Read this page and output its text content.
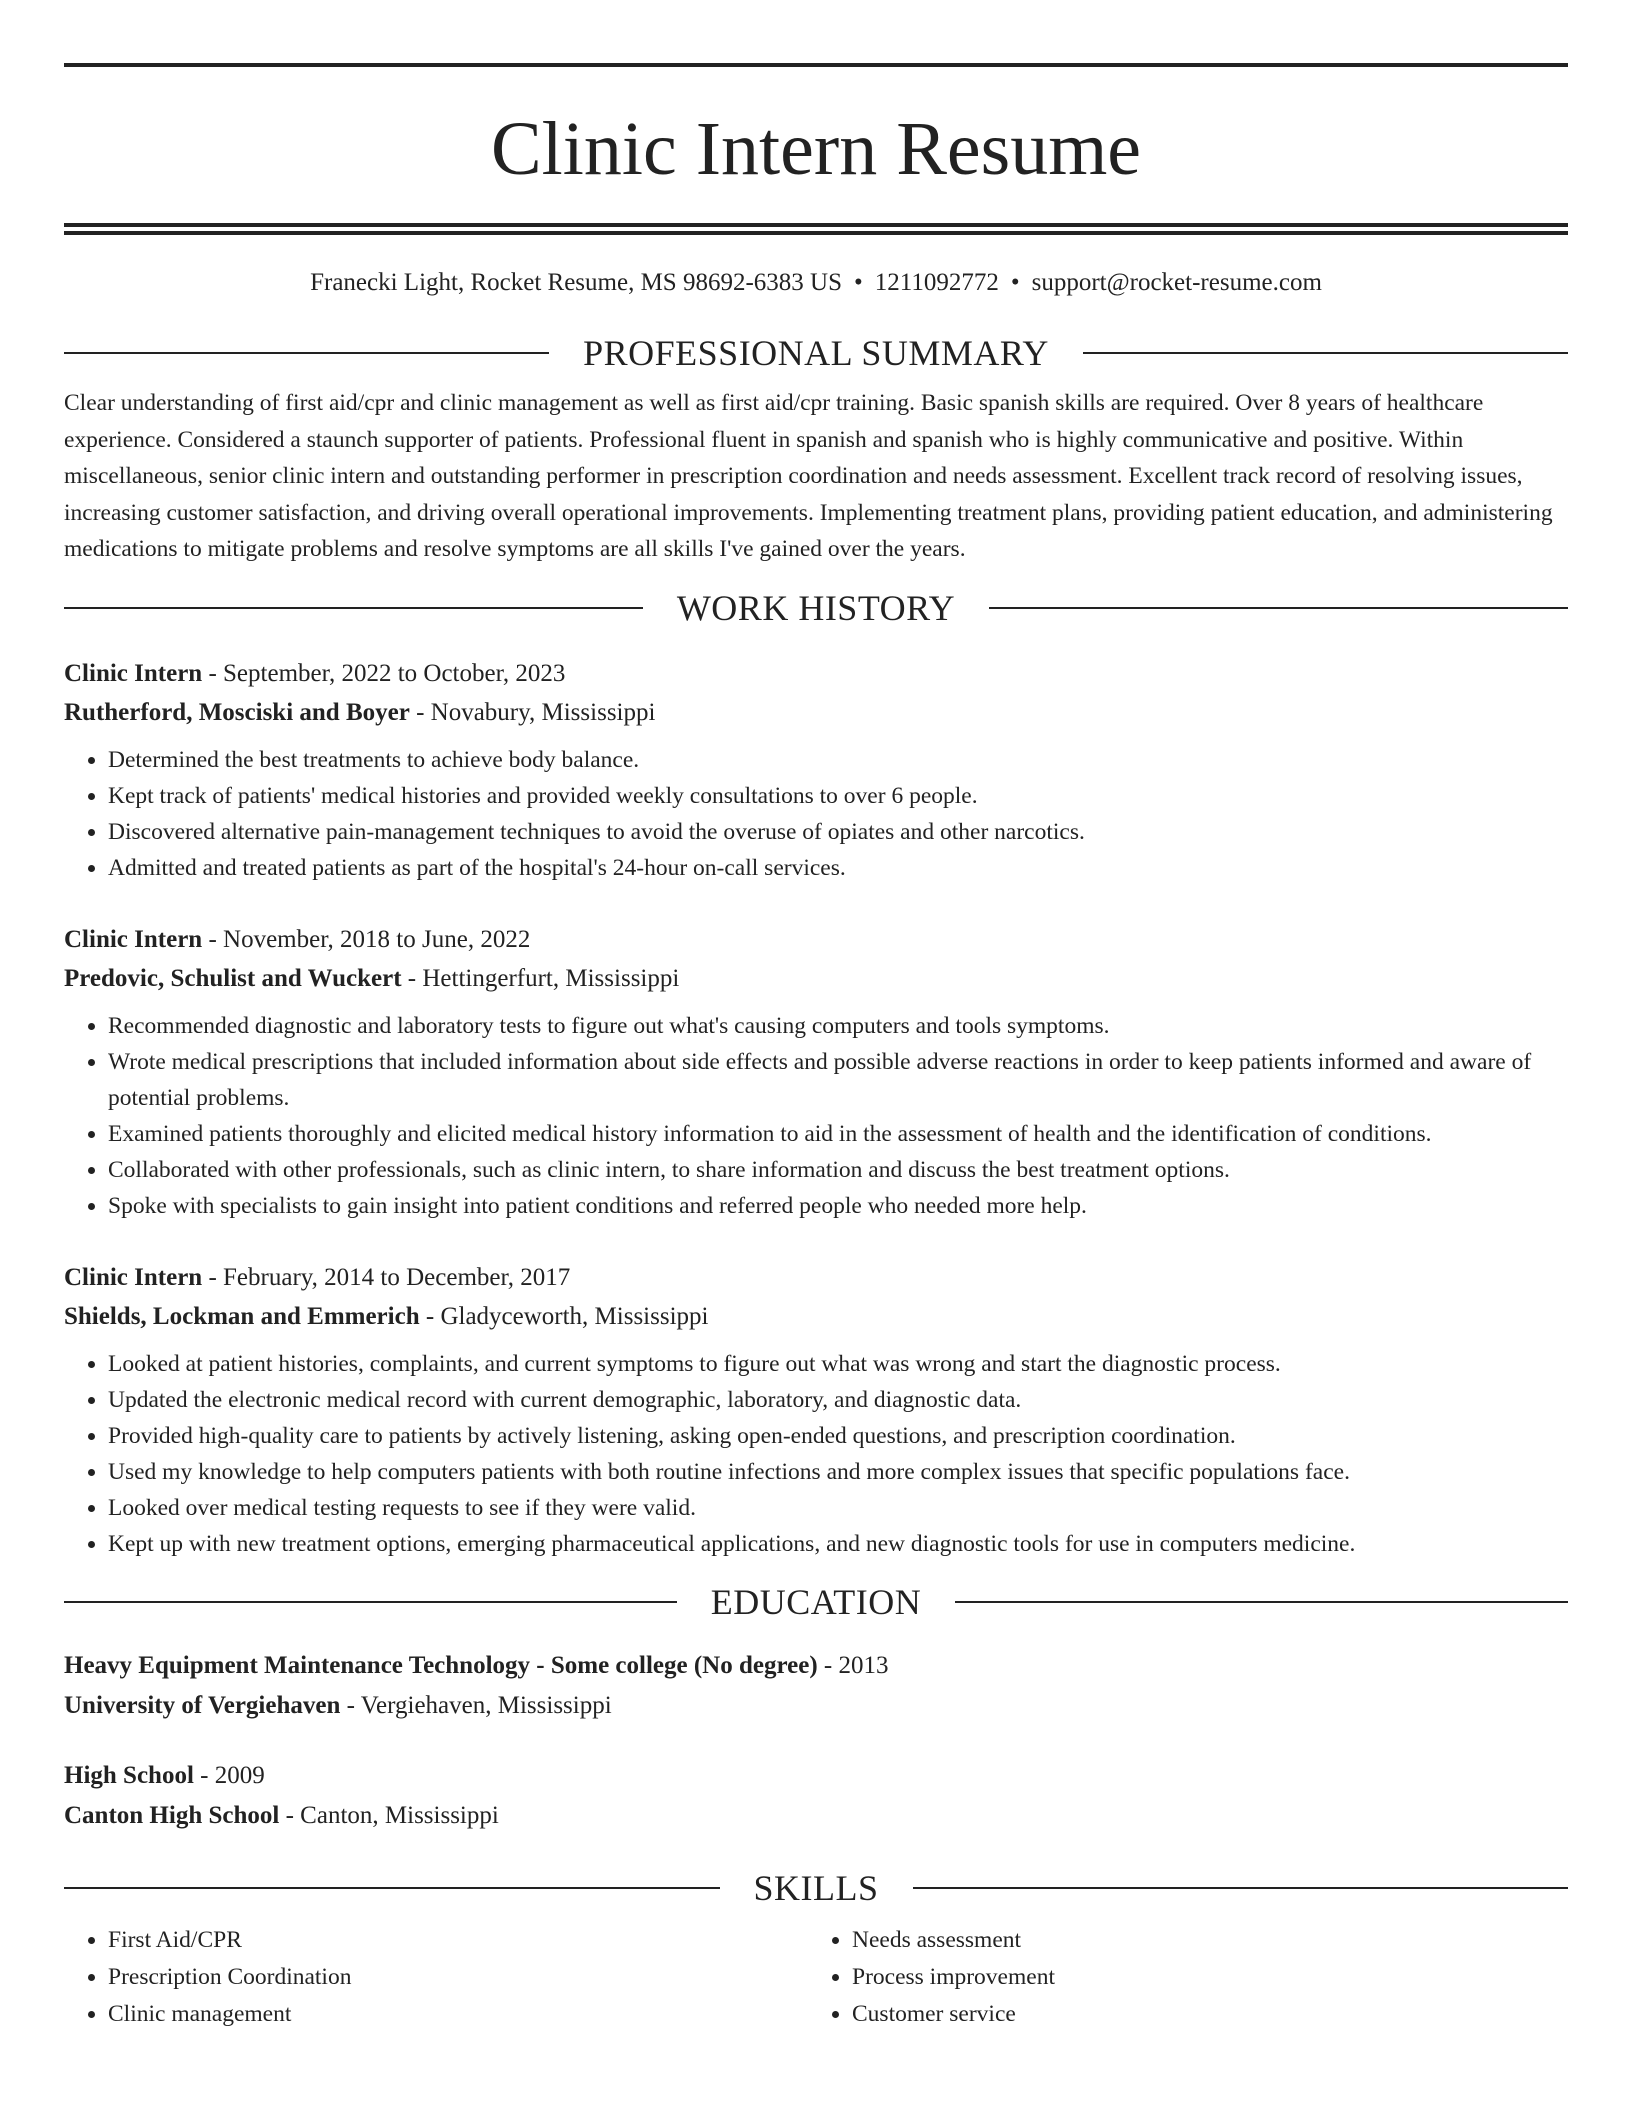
Clinic Intern Resume
Franecki Light, Rocket Resume, MS 98692-6383 US • 1211092772 • support@rocket-resume.com
PROFESSIONAL SUMMARY
Clear understanding of first aid/cpr and clinic management as well as first aid/cpr training. Basic spanish skills are required. Over 8 years of healthcare experience. Considered a staunch supporter of patients. Professional fluent in spanish and spanish who is highly communicative and positive. Within miscellaneous, senior clinic intern and outstanding performer in prescription coordination and needs assessment. Excellent track record of resolving issues, increasing customer satisfaction, and driving overall operational improvements. Implementing treatment plans, providing patient education, and administering medications to mitigate problems and resolve symptoms are all skills I've gained over the years.
WORK HISTORY
Clinic Intern - September, 2022 to October, 2023
Rutherford, Mosciski and Boyer - Novabury, Mississippi
• Determined the best treatments to achieve body balance.
• Kept track of patients' medical histories and provided weekly consultations to over 6 people.
• Discovered alternative pain-management techniques to avoid the overuse of opiates and other narcotics.
• Admitted and treated patients as part of the hospital's 24-hour on-call services.
Clinic Intern - November, 2018 to June, 2022
Predovic, Schulist and Wuckert - Hettingerfurt, Mississippi
• Recommended diagnostic and laboratory tests to figure out what's causing computers and tools symptoms.
• Wrote medical prescriptions that included information about side effects and possible adverse reactions in order to keep patients informed and aware of potential problems.
• Examined patients thoroughly and elicited medical history information to aid in the assessment of health and the identification of conditions.
• Collaborated with other professionals, such as clinic intern, to share information and discuss the best treatment options.
• Spoke with specialists to gain insight into patient conditions and referred people who needed more help.
Clinic Intern - February, 2014 to December, 2017
Shields, Lockman and Emmerich - Gladyceworth, Mississippi
• Looked at patient histories, complaints, and current symptoms to figure out what was wrong and start the diagnostic process.
• Updated the electronic medical record with current demographic, laboratory, and diagnostic data.
• Provided high-quality care to patients by actively listening, asking open-ended questions, and prescription coordination.
• Used my knowledge to help computers patients with both routine infections and more complex issues that specific populations face.
• Looked over medical testing requests to see if they were valid.
• Kept up with new treatment options, emerging pharmaceutical applications, and new diagnostic tools for use in computers medicine.
EDUCATION
Heavy Equipment Maintenance Technology - Some college (No degree) - 2013
University of Vergiehaven - Vergiehaven, Mississippi
High School - 2009
Canton High School - Canton, Mississippi
SKILLS
• First Aid/CPR
• Prescription Coordination
• Clinic management
• Needs assessment
• Process improvement
• Customer service
